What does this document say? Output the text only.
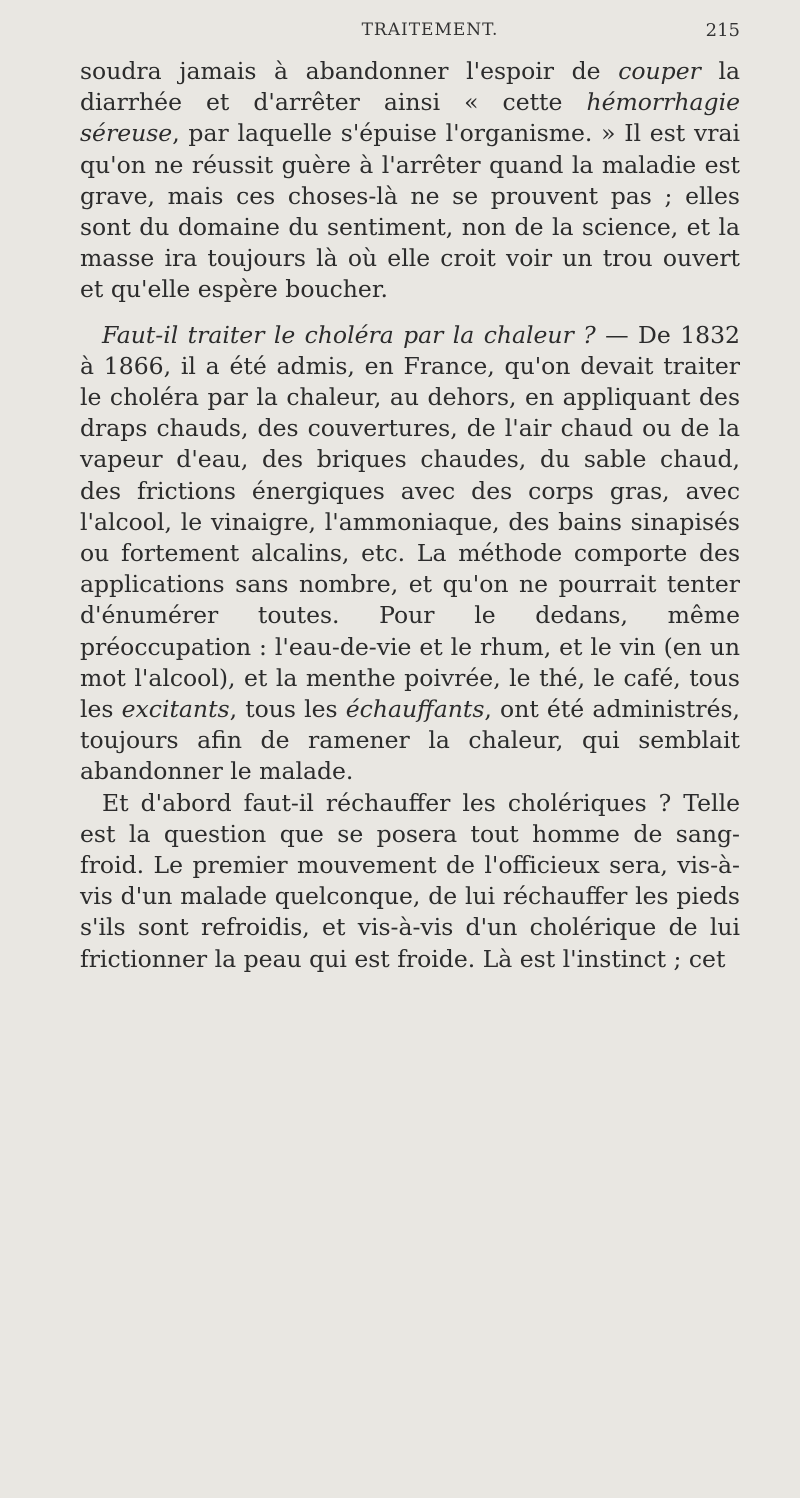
TRAITEMENT.	215

soudra jamais à abandonner l'espoir de couper la diarrhée et d'arrêter ainsi « cette hémorrhagie séreuse, par laquelle s'épuise l'organisme. » Il est vrai qu'on ne réussit guère à l'arrêter quand la maladie est grave, mais ces choses-là ne se prouvent pas ; elles sont du domaine du sentiment, non de la science, et la masse ira toujours là où elle croit voir un trou ouvert et qu'elle espère boucher.

Faut-il traiter le choléra par la chaleur ? — De 1832 à 1866, il a été admis, en France, qu'on devait traiter le choléra par la chaleur, au dehors, en appliquant des draps chauds, des couvertures, de l'air chaud ou de la vapeur d'eau, des briques chaudes, du sable chaud, des frictions énergiques avec des corps gras, avec l'alcool, le vinaigre, l'ammoniaque, des bains sinapisés ou fortement alcalins, etc. La méthode comporte des applications sans nombre, et qu'on ne pourrait tenter d'énumérer toutes. Pour le dedans, même préoccupation : l'eau-de-vie et le rhum, et le vin (en un mot l'alcool), et la menthe poivrée, le thé, le café, tous les excitants, tous les échauffants, ont été administrés, toujours afin de ramener la chaleur, qui semblait abandonner le malade.

Et d'abord faut-il réchauffer les cholériques ? Telle est la question que se posera tout homme de sang-froid. Le premier mouvement de l'officieux sera, vis-à-vis d'un malade quelconque, de lui réchauffer les pieds s'ils sont refroidis, et vis-à-vis d'un cholérique de lui frictionner la peau qui est froide. Là est l'instinct ; cet
